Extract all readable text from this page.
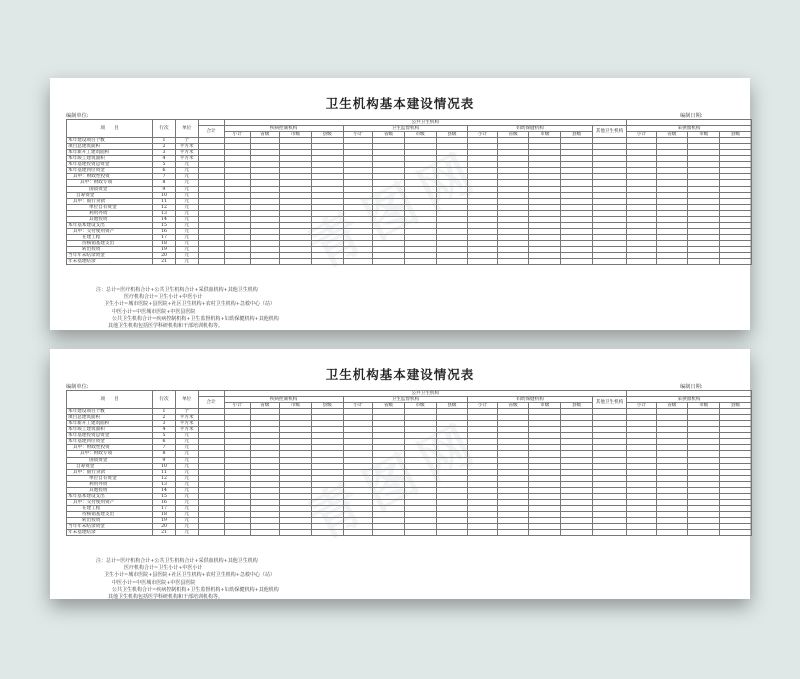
青图网
卫生机构基本建设情况表
编制单位:	编制日期:
项　　目	行次	单位		公共卫生机构																
			合计	疾病控制机构				卫生监督机构				妇幼保健机构				其他卫生机构	采供血机构			
				小计	省级	市级	县级	小计	省级	市级	县级	小计	省级	市级	县级		小计	省级	市级	县级
本年建设项目个数	1	个																		
项目总建筑面积	2	平方米																		
本年新开工建筑面积	3	平方米																		
本年竣工建筑面积	4	平方米																		
本年基建投资总资金	5	元																		
本年基建到位资金	6	元																		
其中：财政性投资	7	元																		
其中：财政专项	8	元																		
国债资金	9	元																		
自筹资金	10	元																		
其中：银行贷款	11	元																		
单位自有资金	12	元																		
利用外资	13	元																		
其他投资	14	元																		
本年基本建设支出	15	元																		
其中：交付使用资产	16	元																		
在建工程	17	元																		
待核销基建支出	18	元																		
转出投资	19	元																		
当年年末结余资金	20	元																		
年末基建结余	21	元																		
注：总计=医疗机构合计+公共卫生机构合计+采供血机构+其他卫生机构
医疗机构合计=卫生小计+中医小计
卫生小计=城市医院+县医院+社区卫生机构+农村卫生机构+急救中心（站）
中医小计=中医城市医院+中医县医院
公共卫生机构合计=疾病控制机构+卫生监督机构+妇幼保健机构+其他机构
其他卫生机构包括医学科研机构和干部培训机构等。
青图网
卫生机构基本建设情况表
编制单位:	编制日期:
项　　目	行次	单位		公共卫生机构																
			合计	疾病控制机构				卫生监督机构				妇幼保健机构				其他卫生机构	采供血机构			
				小计	省级	市级	县级	小计	省级	市级	县级	小计	省级	市级	县级		小计	省级	市级	县级
本年建设项目个数	1	个																		
项目总建筑面积	2	平方米																		
本年新开工建筑面积	3	平方米																		
本年竣工建筑面积	4	平方米																		
本年基建投资总资金	5	元																		
本年基建到位资金	6	元																		
其中：财政性投资	7	元																		
其中：财政专项	8	元																		
国债资金	9	元																		
自筹资金	10	元																		
其中：银行贷款	11	元																		
单位自有资金	12	元																		
利用外资	13	元																		
其他投资	14	元																		
本年基本建设支出	15	元																		
其中：交付使用资产	16	元																		
在建工程	17	元																		
待核销基建支出	18	元																		
转出投资	19	元																		
当年年末结余资金	20	元																		
年末基建结余	21	元																		
注：总计=医疗机构合计+公共卫生机构合计+采供血机构+其他卫生机构
医疗机构合计=卫生小计+中医小计
卫生小计=城市医院+县医院+社区卫生机构+农村卫生机构+急救中心（站）
中医小计=中医城市医院+中医县医院
公共卫生机构合计=疾病控制机构+卫生监督机构+妇幼保健机构+其他机构
其他卫生机构包括医学科研机构和干部培训机构等。
